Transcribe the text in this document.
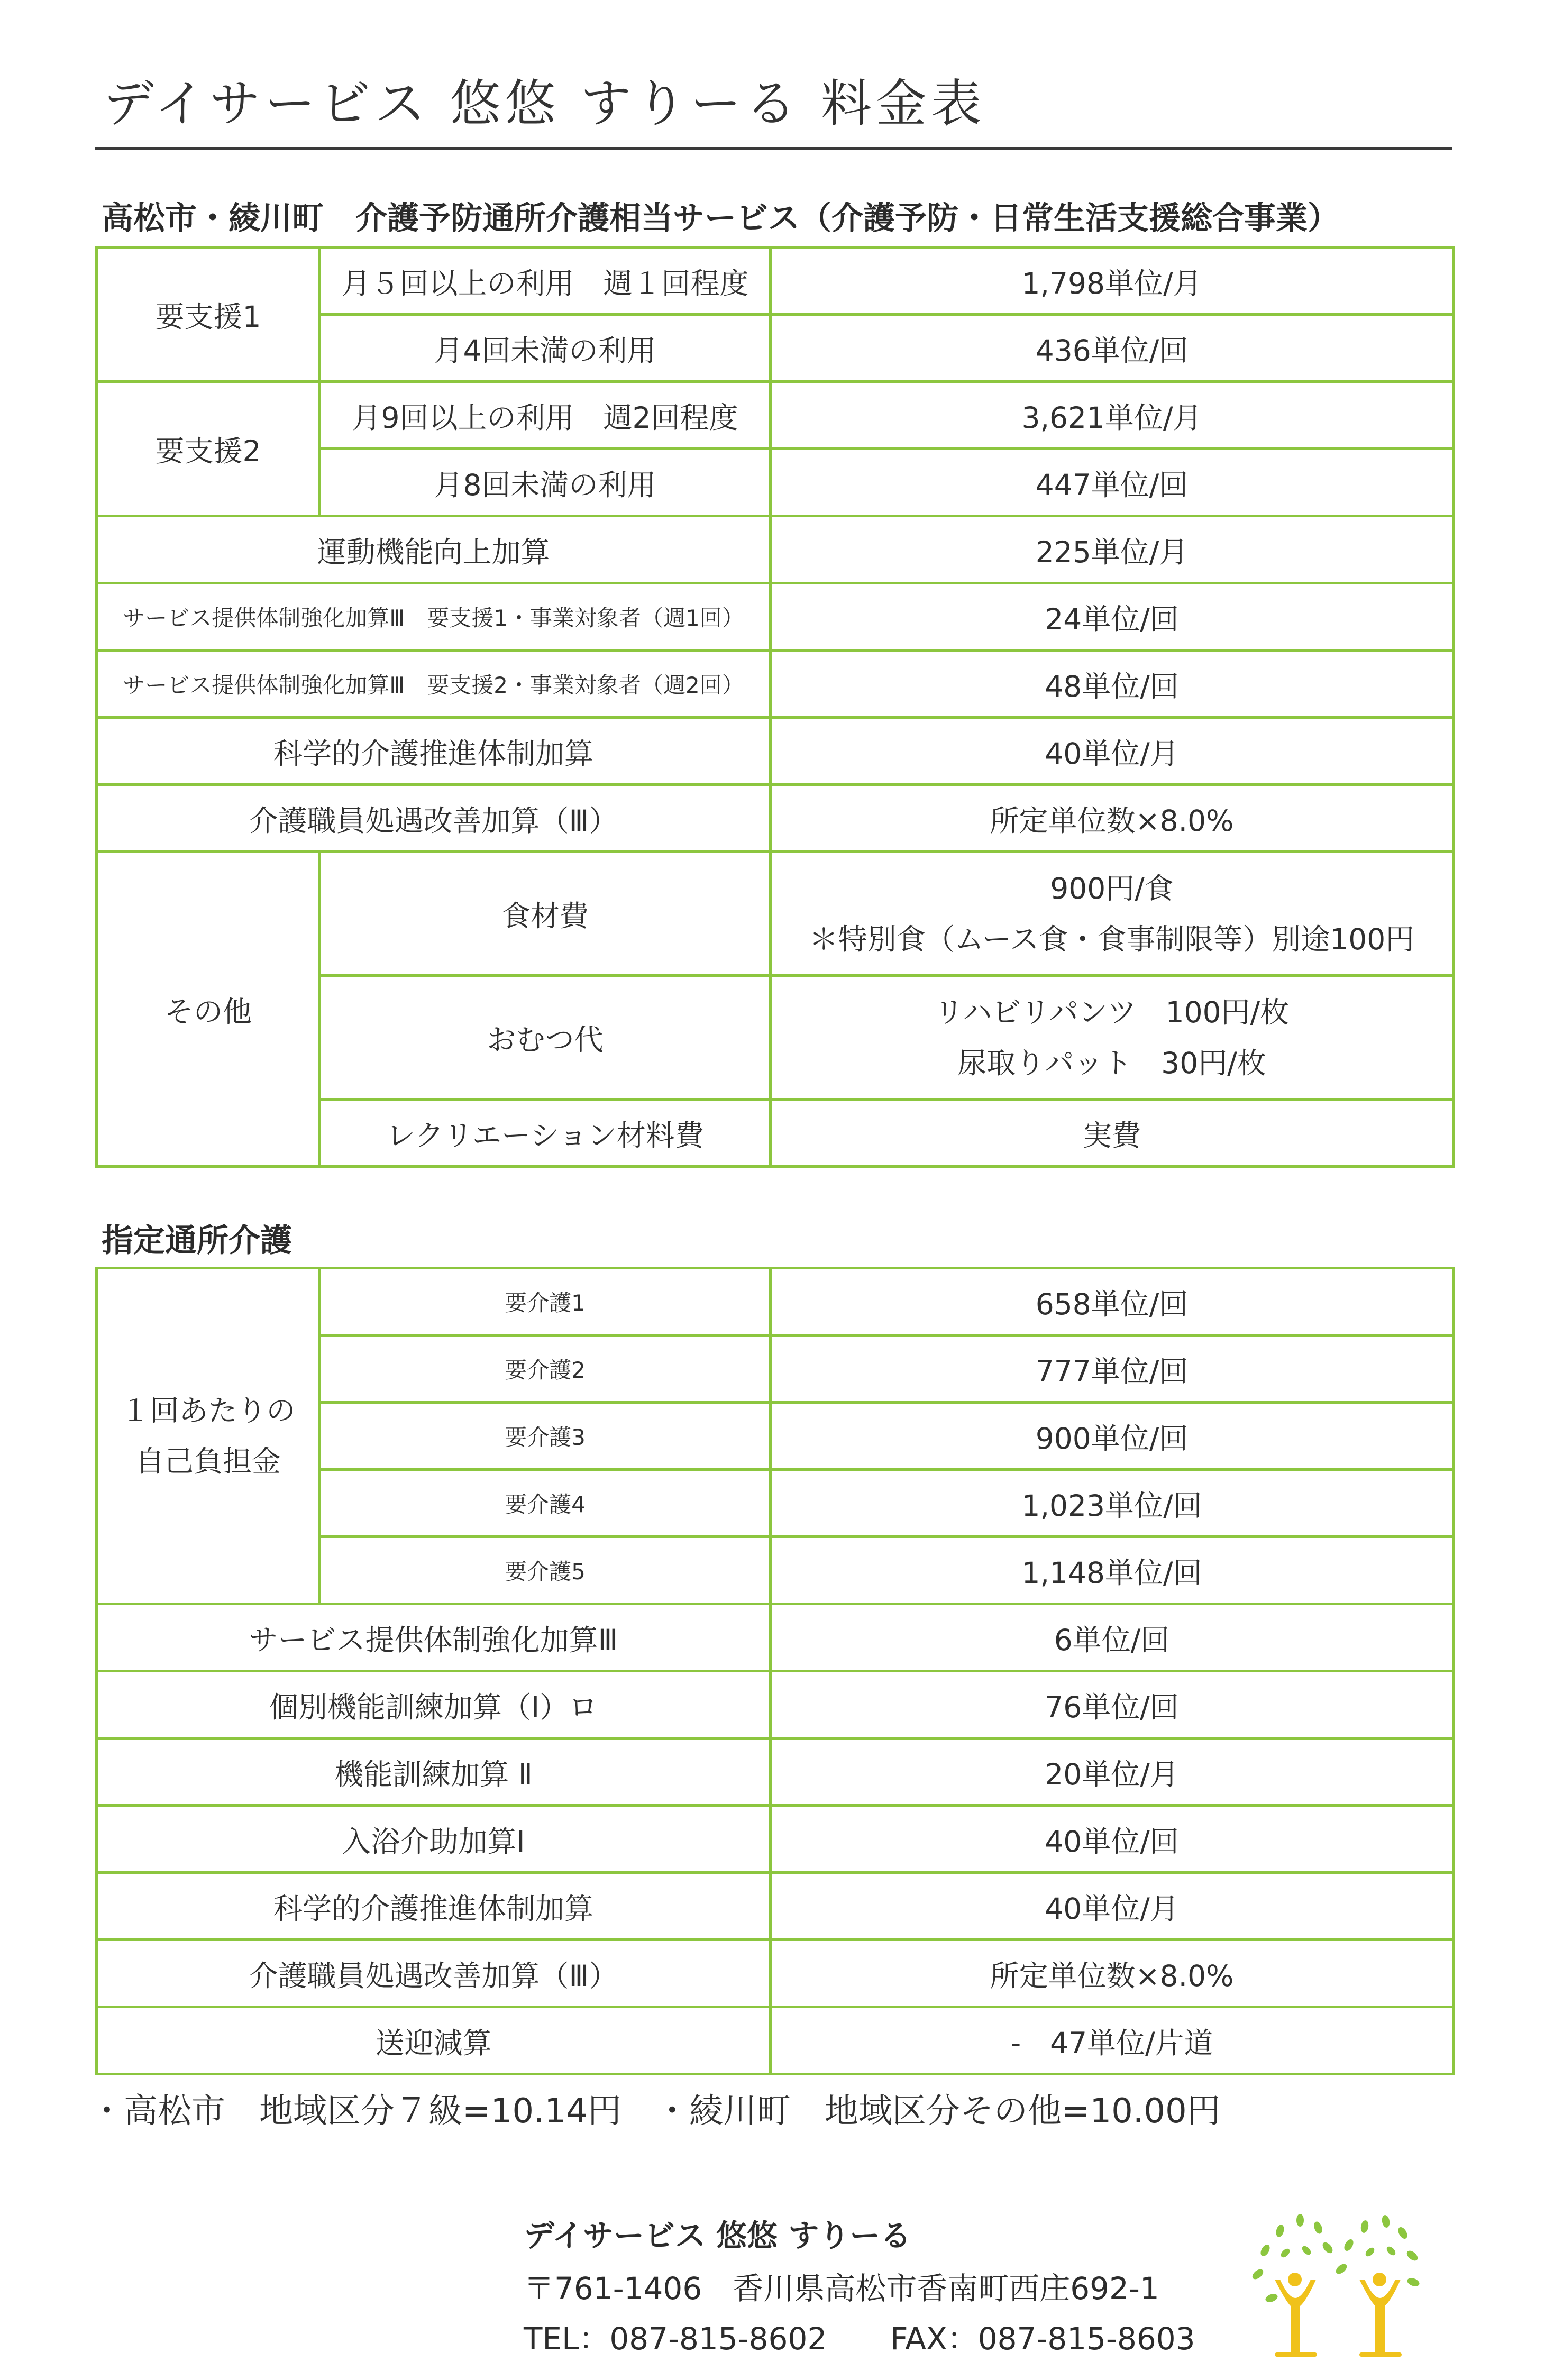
デイサービス 悠悠 すりーる 料金表
高松市・綾川町　介護予防通所介護相当サービス（介護予防・日常生活支援総合事業）
要支援1	月５回以上の利用　週１回程度	1,798単位/月
	月4回未満の利用	436単位/回
要支援2	月9回以上の利用　週2回程度	3,621単位/月
	月8回未満の利用	447単位/回
運動機能向上加算		225単位/月
サービス提供体制強化加算Ⅲ　要支援1・事業対象者（週1回）		24単位/回
サービス提供体制強化加算Ⅲ　要支援2・事業対象者（週2回）		48単位/回
科学的介護推進体制加算		40単位/月
介護職員処遇改善加算（Ⅲ）		所定単位数×8.0%
その他	食材費	900円/食
＊特別食（ムース食・食事制限等）別途100円

	おむつ代	リハビリパンツ　100円/枚
尿取りパット　30円/枚

	レクリエーション材料費	実費
指定通所介護
１回あたりの
自己負担金	要介護1	658単位/回
	要介護2	777単位/回
	要介護3	900単位/回
	要介護4	1,023単位/回
	要介護5	1,148単位/回
サービス提供体制強化加算Ⅲ		6単位/回
個別機能訓練加算（Ⅰ）ロ		76単位/回
機能訓練加算 Ⅱ		20単位/月
入浴介助加算Ⅰ		40単位/回
科学的介護推進体制加算		40単位/月
介護職員処遇改善加算（Ⅲ）		所定単位数×8.0%
送迎減算		-　47単位/片道
・高松市　地域区分７級=10.14円　・綾川町　地域区分その他=10.00円
デイサービス 悠悠 すりーる
〒761-1406　香川県高松市香南町西庄692-1
TEL：087-815-8602 FAX：087-815-8603
